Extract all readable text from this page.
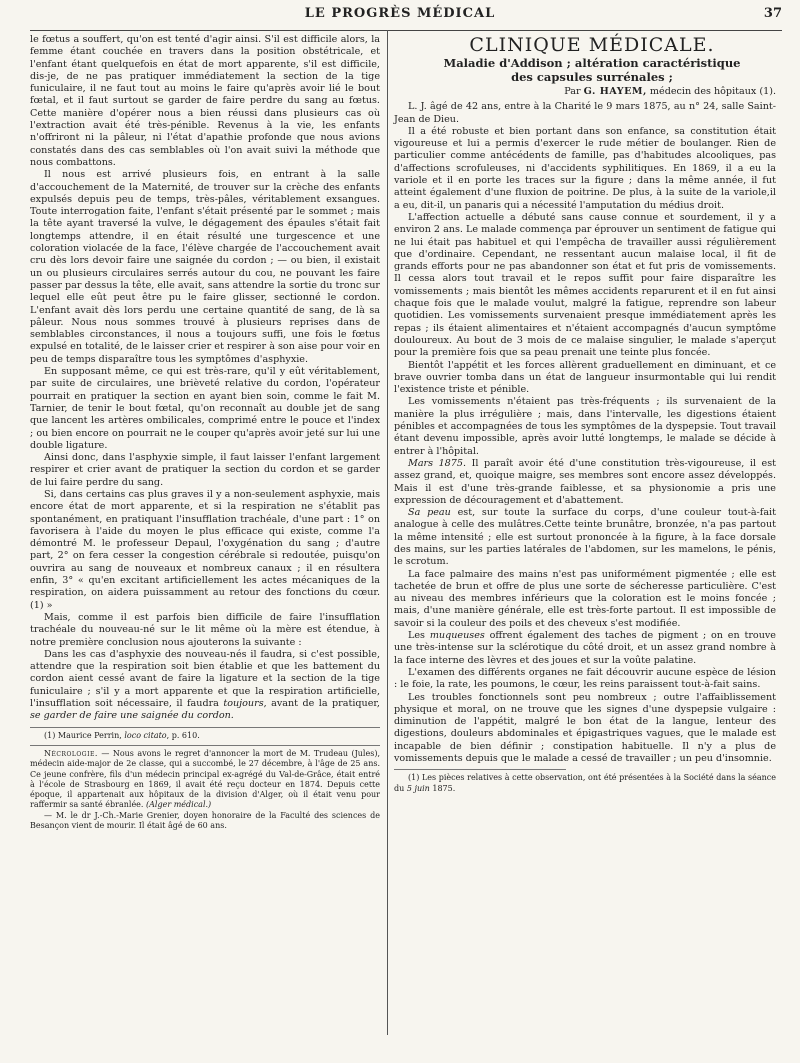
LE PROGRÈS MÉDICAL	37

le fœtus a souffert, qu'on est tenté d'agir ainsi. S'il est difficile alors, la femme étant couchée en travers dans la position obstétricale, et l'enfant étant quelquefois en état de mort apparente, s'il est difficile, dis-je, de ne pas pratiquer immédiatement la section de la tige funiculaire, il ne faut tout au moins le faire qu'après avoir lié le bout fœtal, et il faut surtout se garder de faire perdre du sang au fœtus. Cette manière d'opérer nous a bien réussi dans plusieurs cas où l'extraction avait été très-pénible. Revenus à la vie, les enfants n'offriront ni la pâleur, ni l'état d'apathie profonde que nous avions constatés dans des cas semblables où l'on avait suivi la méthode que nous combattons.

Il nous est arrivé plusieurs fois, en entrant à la salle d'accouchement de la Maternité, de trouver sur la crèche des enfants expulsés depuis peu de temps, très-pâles, véritablement exsangues. Toute interrogation faite, l'enfant s'était présenté par le sommet ; mais la tête ayant traversé la vulve, le dégagement des épaules s'était fait longtemps attendre, il en était résulté une turgescence et une coloration violacée de la face, l'élève chargée de l'accouchement avait cru dès lors devoir faire une saignée du cordon ; — ou bien, il existait un ou plusieurs circulaires serrés autour du cou, ne pouvant les faire passer par dessus la tête, elle avait, sans attendre la sortie du tronc sur lequel elle eût peut être pu le faire glisser, sectionné le cordon. L'enfant avait dès lors perdu une certaine quantité de sang, de là sa pâleur. Nous nous sommes trouvé à plusieurs reprises dans de semblables circonstances, il nous a toujours suffi, une fois le fœtus expulsé en totalité, de le laisser crier et respirer à son aise pour voir en peu de temps disparaître tous les symptômes d'asphyxie.

En supposant même, ce qui est très-rare, qu'il y eût véritablement, par suite de circulaires, une brièveté relative du cordon, l'opérateur pourrait en pratiquer la section en ayant bien soin, comme le fait M. Tarnier, de tenir le bout fœtal, qu'on reconnaît au double jet de sang que lancent les artères ombilicales, comprimé entre le pouce et l'index ; ou bien encore on pourrait ne le couper qu'après avoir jeté sur lui une double ligature.

Ainsi donc, dans l'asphyxie simple, il faut laisser l'enfant largement respirer et crier avant de pratiquer la section du cordon et se garder de lui faire perdre du sang.

Si, dans certains cas plus graves il y a non-seulement asphyxie, mais encore état de mort apparente, et si la respiration ne s'établit pas spontanément, en pratiquant l'insufflation trachéale, d'une part : 1° on favorisera à l'aide du moyen le plus efficace qui existe, comme l'a démontré M. le professeur Depaul, l'oxygénation du sang ; d'autre part, 2° on fera cesser la congestion cérébrale si redoutée, puisqu'on ouvrira au sang de nouveaux et nombreux canaux ; il en résultera enfin, 3° « qu'en excitant artificiellement les actes mécaniques de la respiration, on aidera puissamment au retour des fonctions du cœur. (1) »

Mais, comme il est parfois bien difficile de faire l'insufflation trachéale du nouveau-né sur le lit même où la mère est étendue, à notre première conclusion nous ajouterons la suivante :

Dans les cas d'asphyxie des nouveau-nés il faudra, si c'est possible, attendre que la respiration soit bien établie et que les battement du cordon aient cessé avant de faire la ligature et la section de la tige funiculaire ; s'il y a mort apparente et que la respiration artificielle, l'insufflation soit nécessaire, il faudra toujours, avant de la pratiquer, se garder de faire une saignée du cordon.

(1) Maurice Perrin, loco citato, p. 610.

Nécrologie. — Nous avons le regret d'annoncer la mort de M. Trudeau (Jules), médecin aide-major de 2e classe, qui a succombé, le 27 décembre, à l'âge de 25 ans. Ce jeune confrère, fils d'un médecin principal ex-agrégé du Val-de-Grâce, était entré à l'école de Strasbourg en 1869, il avait été reçu docteur en 1874. Depuis cette époque, il appartenait aux hôpitaux de la division d'Alger, où il était venu pour raffermir sa santé ébranlée. (Alger médical.)

— M. le dr J.-Ch.-Marie Grenier, doyen honoraire de la Faculté des sciences de Besançon vient de mourir. Il était âgé de 60 ans.

CLINIQUE MÉDICALE.

Maladie d'Addison ; altération caractéristique

des capsules surrénales ;

Par G. HAYEM, médecin des hôpitaux (1).

L. J. âgé de 42 ans, entre à la Charité le 9 mars 1875, au n° 24, salle Saint-Jean de Dieu.

Il a été robuste et bien portant dans son enfance, sa constitution était vigoureuse et lui a permis d'exercer le rude métier de boulanger. Rien de particulier comme antécédents de famille, pas d'habitudes alcooliques, pas d'affections scrofuleuses, ni d'accidents syphilitiques. En 1869, il a eu la variole et il en porte les traces sur la figure ; dans la même année, il fut atteint également d'une fluxion de poitrine. De plus, à la suite de la variole,il a eu, dit-il, un panaris qui a nécessité l'amputation du médius droit.

L'affection actuelle a débuté sans cause connue et sourdement, il y a environ 2 ans. Le malade commença par éprouver un sentiment de fatigue qui ne lui était pas habituel et qui l'empêcha de travailler aussi régulièrement que d'ordinaire. Cependant, ne ressentant aucun malaise local, il fit de grands efforts pour ne pas abandonner son état et fut pris de vomissements. Il cessa alors tout travail et le repos suffit pour faire disparaître les vomissements ; mais bientôt les mêmes accidents reparurent et il en fut ainsi chaque fois que le malade voulut, malgré la fatigue, reprendre son labeur quotidien. Les vomissements survenaient presque immédiatement après les repas ; ils étaient alimentaires et n'étaient accompagnés d'aucun symptôme douloureux. Au bout de 3 mois de ce malaise singulier, le malade s'aperçut pour la première fois que sa peau prenait une teinte plus foncée.

Bientôt l'appétit et les forces allèrent graduellement en diminuant, et ce brave ouvrier tomba dans un état de langueur insurmontable qui lui rendit l'existence triste et pénible.

Les vomissements n'étaient pas très-fréquents ; ils survenaient de la manière la plus irrégulière ; mais, dans l'intervalle, les digestions étaient pénibles et accompagnées de tous les symptômes de la dyspepsie. Tout travail étant devenu impossible, après avoir lutté longtemps, le malade se décide à entrer à l'hôpital.

Mars 1875. Il paraît avoir été d'une constitution très-vigoureuse, il est assez grand, et, quoique maigre, ses membres sont encore assez développés. Mais il est d'une très-grande faiblesse, et sa physionomie a pris une expression de découragement et d'abattement.

Sa peau est, sur toute la surface du corps, d'une couleur tout-à-fait analogue à celle des mulâtres.Cette teinte brunâtre, bronzée, n'a pas partout la même intensité ; elle est surtout prononcée à la figure, à la face dorsale des mains, sur les parties latérales de l'abdomen, sur les mamelons, le pénis, le scrotum.

La face palmaire des mains n'est pas uniformément pigmentée ; elle est tachetée de brun et offre de plus une sorte de sécheresse particulière. C'est au niveau des membres inférieurs que la coloration est le moins foncée ; mais, d'une manière générale, elle est très-forte partout. Il est impossible de savoir si la couleur des poils et des cheveux s'est modifiée.

Les muqueuses offrent également des taches de pigment ; on en trouve une très-intense sur la sclérotique du côté droit, et un assez grand nombre à la face interne des lèvres et des joues et sur la voûte palatine.

L'examen des différents organes ne fait découvrir aucune espèce de lésion : le foie, la rate, les poumons, le cœur, les reins paraissent tout-à-fait sains.

Les troubles fonctionnels sont peu nombreux ; outre l'affaiblissement physique et moral, on ne trouve que les signes d'une dyspepsie vulgaire : diminution de l'appétit, malgré le bon état de la langue, lenteur des digestions, douleurs abdominales et épigastriques vagues, que le malade est incapable de bien définir ; constipation habituelle. Il n'y a plus de vomissements depuis que le malade a cessé de travailler ; un peu d'insomnie.

(1) Les pièces relatives à cette observation, ont été présentées à la Société dans la séance du 5 juin 1875.
